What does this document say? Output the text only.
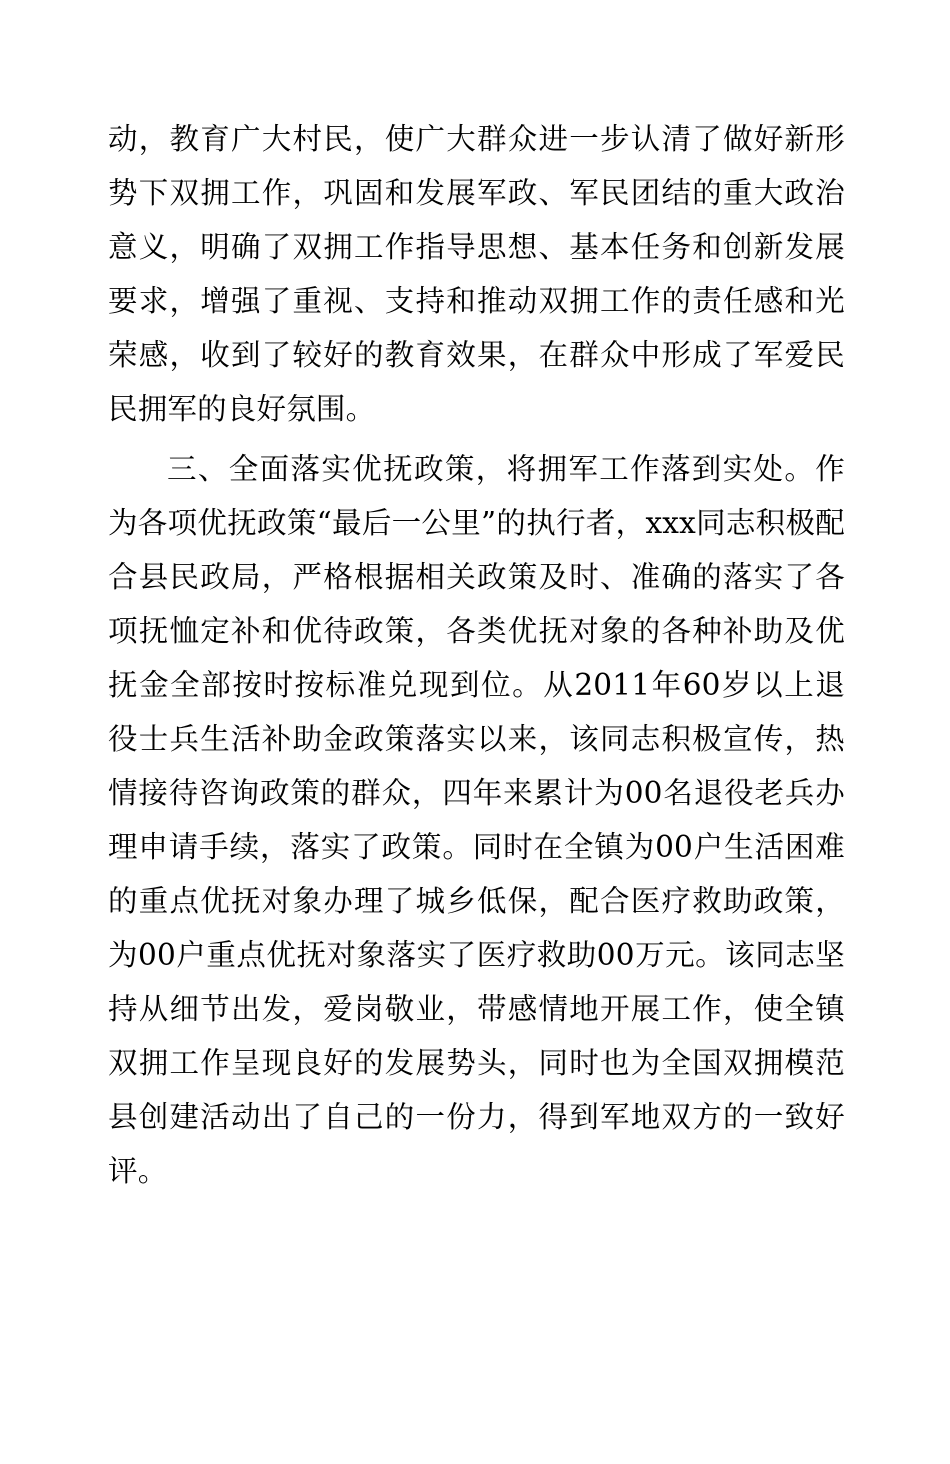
动，教育广大村民，使广大群众进一步认清了做好新形势下双拥工作，巩固和发展军政、军民团结的重大政治意义，明确了双拥工作指导思想、基本任务和创新发展要求，增强了重视、支持和推动双拥工作的责任感和光荣感，收到了较好的教育效果，在群众中形成了军爱民民拥军的良好氛围。

三、全面落实优抚政策，将拥军工作落到实处。作为各项优抚政策“最后一公里”的执行者，xxx同志积极配合县民政局，严格根据相关政策及时、准确的落实了各项抚恤定补和优待政策，各类优抚对象的各种补助及优抚金全部按时按标准兑现到位。从2011年60岁以上退役士兵生活补助金政策落实以来，该同志积极宣传，热情接待咨询政策的群众，四年来累计为00名退役老兵办理申请手续，落实了政策。同时在全镇为00户生活困难的重点优抚对象办理了城乡低保，配合医疗救助政策，为00户重点优抚对象落实了医疗救助00万元。该同志坚持从细节出发，爱岗敬业，带感情地开展工作，使全镇双拥工作呈现良好的发展势头，同时也为全国双拥模范县创建活动出了自己的一份力，得到军地双方的一致好评。
